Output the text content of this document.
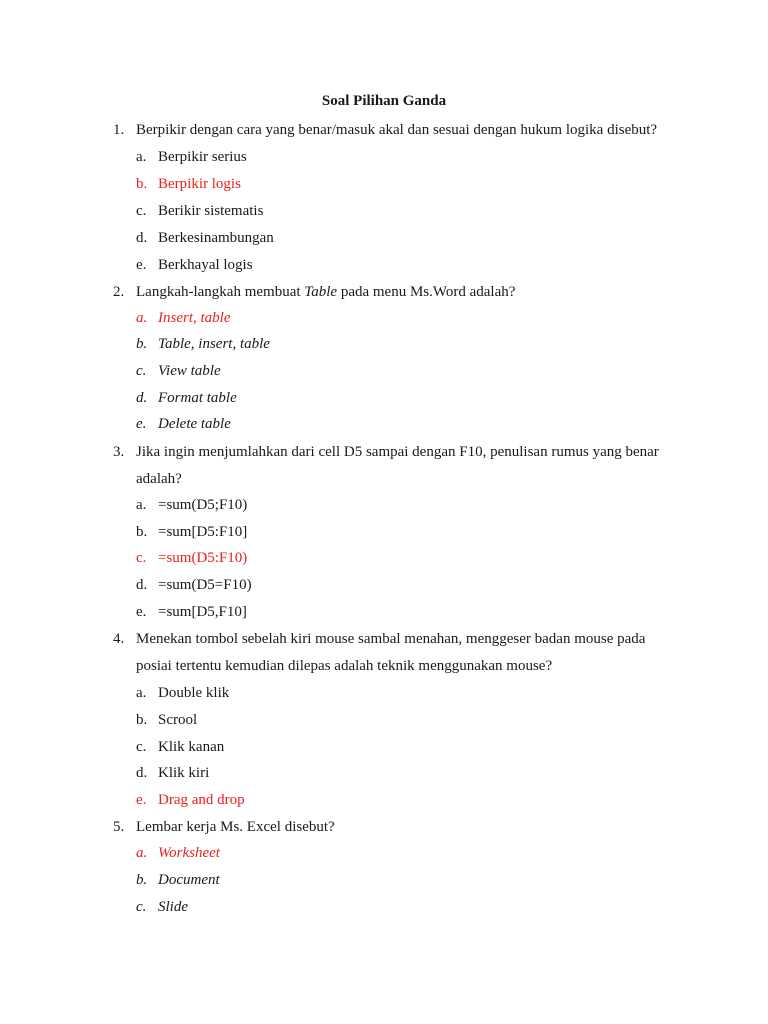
Soal Pilihan Ganda
1. Berpikir dengan cara yang benar/masuk akal dan sesuai dengan hukum logika disebut?
a. Berpikir serius
b. Berpikir logis
c. Berikir sistematis
d. Berkesinambungan
e. Berkhayal logis
2. Langkah-langkah membuat Table pada menu Ms.Word adalah?
a. Insert, table
b. Table, insert, table
c. View table
d. Format table
e. Delete table
3. Jika ingin menjumlahkan dari cell D5 sampai dengan F10, penulisan rumus yang benar
adalah?
a. =sum(D5;F10)
b. =sum[D5:F10]
c. =sum(D5:F10)
d. =sum(D5=F10)
e. =sum[D5,F10]
4. Menekan tombol sebelah kiri mouse sambal menahan, menggeser badan mouse pada
posiai tertentu kemudian dilepas adalah teknik menggunakan mouse?
a. Double klik
b. Scrool
c. Klik kanan
d. Klik kiri
e. Drag and drop
5. Lembar kerja Ms. Excel disebut?
a. Worksheet
b. Document
c. Slide
